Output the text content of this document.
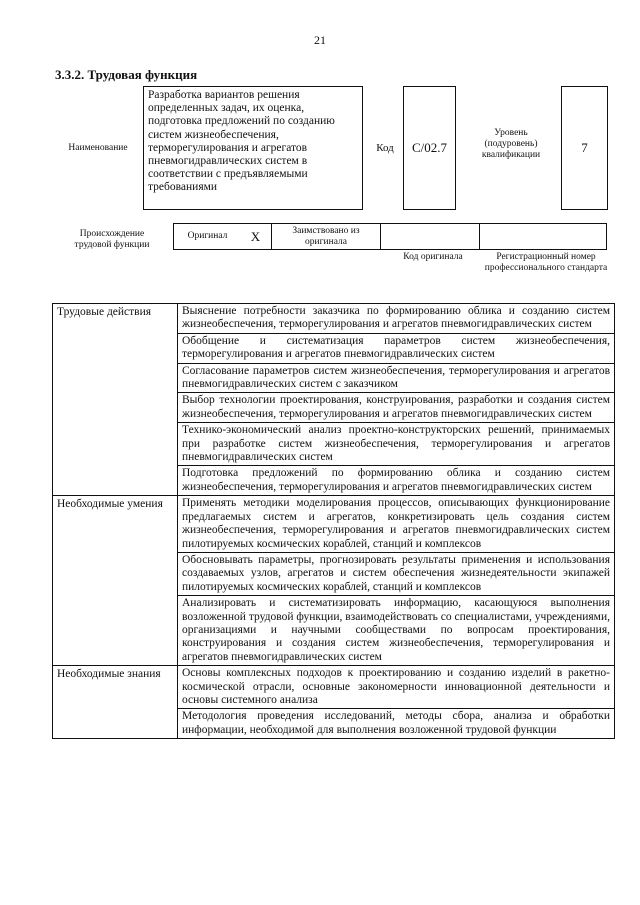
21
3.3.2. Трудовая функция
Наименование
Разработка вариантов решения определенных задач, их оценка, подготовка предложений по созданию систем жизнеобеспечения, терморегулирования и агрегатов пневмогидравлических систем в соответствии с предъявляемыми требованиями
Код	С/02.7
Уровень (подуровень) квалификации	7
Происхождение трудовой функции
Оригинал	X	Заимствовано из оригинала
Код оригинала	Регистрационный номер профессионального стандарта
Трудовые действия	Выяснение потребности заказчика по формированию облика и созданию систем жизнеобеспечения, терморегулирования и агрегатов пневмогидравлических систем
	Обобщение и систематизация параметров систем жизнеобеспечения, терморегулирования и агрегатов пневмогидравлических систем
	Согласование параметров систем жизнеобеспечения, терморегулирования и агрегатов пневмогидравлических систем с заказчиком
	Выбор технологии проектирования, конструирования, разработки и создания систем жизнеобеспечения, терморегулирования и агрегатов пневмогидравлических систем
	Технико-экономический анализ проектно-конструкторских решений, принимаемых при разработке систем жизнеобеспечения, терморегулирования и агрегатов пневмогидравлических систем
	Подготовка предложений по формированию облика и созданию систем жизнеобеспечения, терморегулирования и агрегатов пневмогидравлических систем
Необходимые умения	Применять методики моделирования процессов, описывающих функционирование предлагаемых систем и агрегатов, конкретизировать цель создания систем жизнеобеспечения, терморегулирования и агрегатов пневмогидравлических систем пилотируемых космических кораблей, станций и комплексов
	Обосновывать параметры, прогнозировать результаты применения и использования создаваемых узлов, агрегатов и систем обеспечения жизнедеятельности экипажей пилотируемых космических кораблей, станций и комплексов
	Анализировать и систематизировать информацию, касающуюся выполнения возложенной трудовой функции, взаимодействовать со специалистами, учреждениями, организациями и научными сообществами по вопросам проектирования, конструирования и создания систем жизнеобеспечения, терморегулирования и агрегатов пневмогидравлических систем
Необходимые знания	Основы комплексных подходов к проектированию и созданию изделий в ракетно-космической отрасли, основные закономерности инновационной деятельности и основы системного анализа
	Методология проведения исследований, методы сбора, анализа и обработки информации, необходимой для выполнения возложенной трудовой функции
